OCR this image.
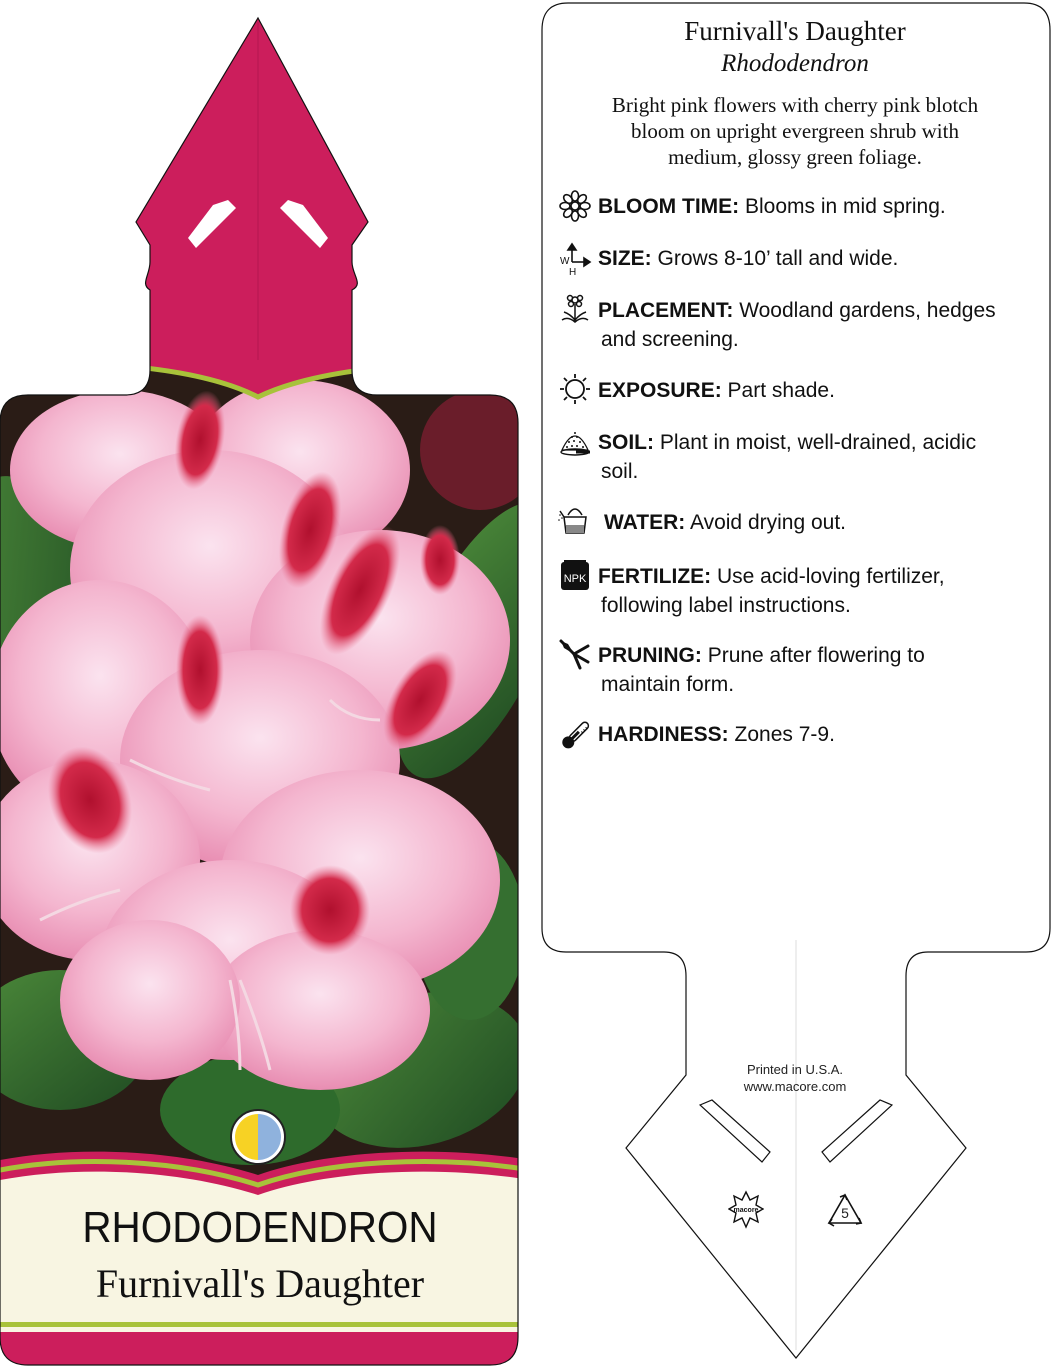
RHODODENDRON
Furnivall's Daughter
Furnivall's Daughter
Rhododendron
Bright pink flowers with cherry pink blotch
bloom on upright evergreen shrub with
medium, glossy green foliage.
W
H
NPK
BLOOM TIME: Blooms in mid spring.
SIZE: Grows 8-10’ tall and wide.
PLACEMENT: Woodland gardens, hedges
and screening.
EXPOSURE: Part shade.
SOIL: Plant in moist, well-drained, acidic
soil.
WATER: Avoid drying out.
FERTILIZE: Use acid-loving fertilizer,
following label instructions.
PRUNING: Prune after flowering to
maintain form.
HARDINESS: Zones 7-9.
Printed in U.S.A.
www.macore.com
macore	5
